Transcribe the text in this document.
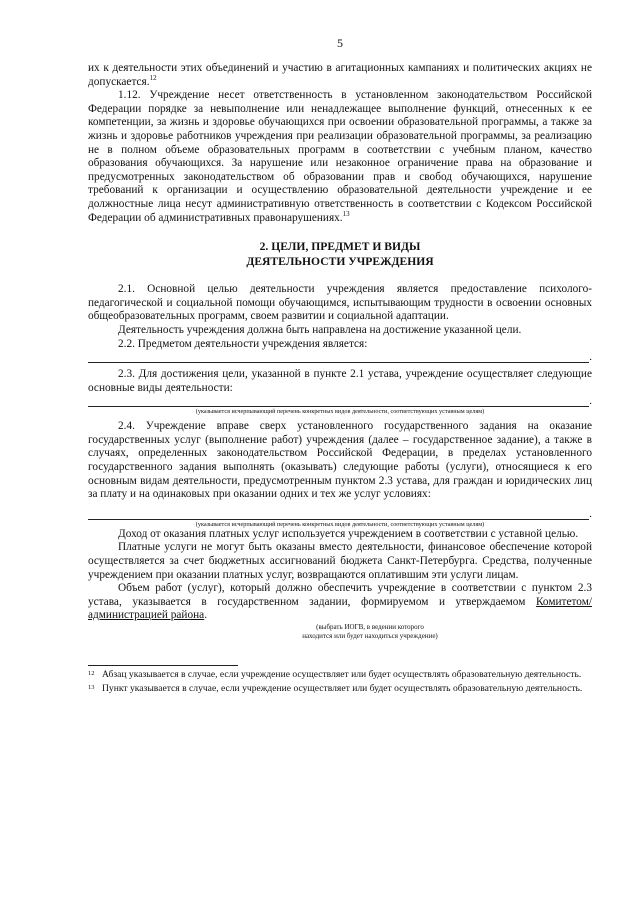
5

их к деятельности этих объединений и участию в агитационных кампаниях и политических акциях не допускается.$^{12}$

1.12. Учреждение несет ответственность в установленном законодательством Российской Федерации порядке за невыполнение или ненадлежащее выполнение функций, отнесенных к ее компетенции, за жизнь и здоровье обучающихся при освоении образовательной программы, а также за жизнь и здоровье работников учреждения при реализации образовательной программы, за реализацию не в полном объеме образовательных программ в соответствии с учебным планом, качество образования обучающихся. За нарушение или незаконное ограничение права на образование и предусмотренных законодательством об образовании прав и свобод обучающихся, нарушение требований к организации и осуществлению образовательной деятельности учреждение и ее должностные лица несут административную ответственность в соответствии с Кодексом Российской Федерации об административных правонарушениях.$^{13}$

2. ЦЕЛИ, ПРЕДМЕТ И ВИДЫ
ДЕЯТЕЛЬНОСТИ УЧРЕЖДЕНИЯ

2.1. Основной целью деятельности учреждения является предоставление психолого-педагогической и социальной помощи обучающимся, испытывающим трудности в освоении основных общеобразовательных программ, своем развитии и социальной адаптации.

Деятельность учреждения должна быть направлена на достижение указанной цели.

2.2. Предметом деятельности учреждения является:

.

2.3. Для достижения цели, указанной в пункте 2.1 устава, учреждение осуществляет следующие основные виды деятельности:

.
(указывается исчерпывающий перечень конкретных видов деятельности, соответствующих уставным целям)

2.4. Учреждение вправе сверх установленного государственного задания на оказание государственных услуг (выполнение работ) учреждения (далее – государственное задание), а также в случаях, определенных законодательством Российской Федерации, в пределах установленного государственного задания выполнять (оказывать) следующие работы (услуги), относящиеся к его основным видам деятельности, предусмотренным пунктом 2.3 устава, для граждан и юридических лиц за плату и на одинаковых при оказании одних и тех же услуг условиях:

.
(указывается исчерпывающий перечень конкретных видов деятельности, соответствующих уставным целям)

Доход от оказания платных услуг используется учреждением в соответствии с уставной целью.

Платные услуги не могут быть оказаны вместо деятельности, финансовое обеспечение которой осуществляется за счет бюджетных ассигнований бюджета Санкт-Петербурга. Средства, полученные учреждением при оказании платных услуг, возвращаются оплатившим эти услуги лицам.

Объем работ (услуг), который должно обеспечить учреждение в соответствии с пунктом 2.3 устава, указывается в государственном задании, формируемом и утверждаемом Комитетом/администрацией района.

(выбрать ИОГВ, в ведении которого
находится или будет находиться учреждение)
12 Абзац указывается в случае, если учреждение осуществляет или будет осуществлять образовательную деятельность.
13 Пункт указывается в случае, если учреждение осуществляет или будет осуществлять образовательную деятельность.
